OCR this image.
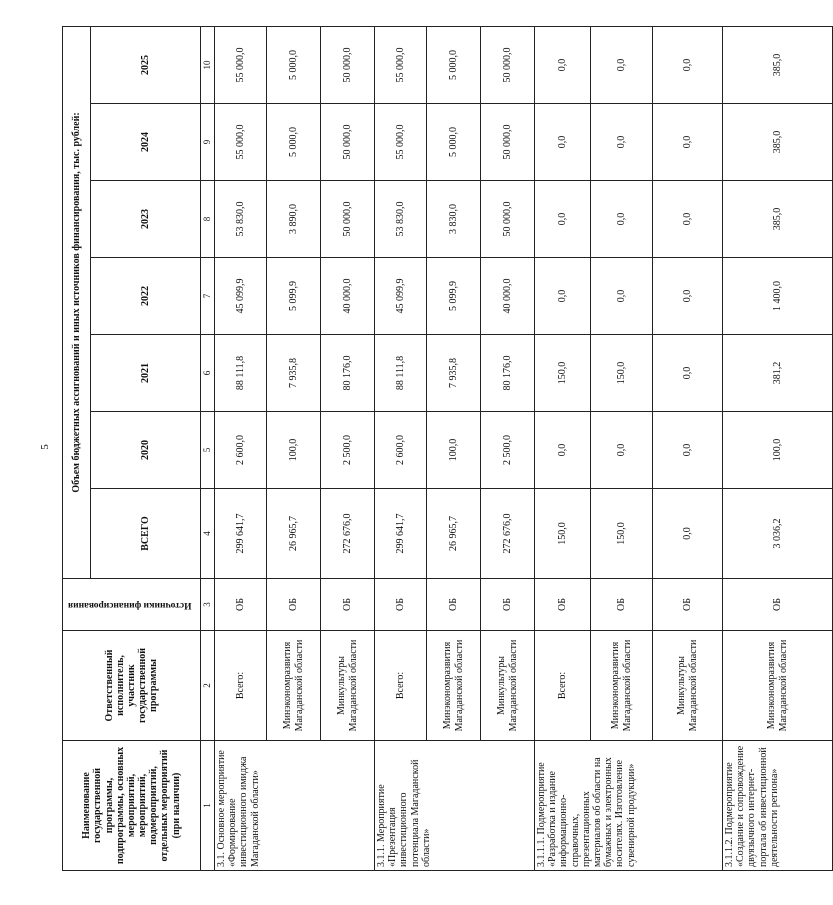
5
Наименование государственной программы, подпрограммы, основных мероприятий, мероприятий, подмероприятий, отдельных мероприятий (при наличии)	Ответственный исполнитель, участник государственной программы	Источники финансирования	Объем бюджетных ассигнований и иных источников финансирования, тыс. рублей:						
			ВСЕГО	2020	2021	2022	2023	2024	2025
1	2	3	4	5	6	7	8	9	10
3.1. Основное мероприятие «Формирование инвестиционного имиджа Магаданской области»	Всего:	ОБ	299 641,7	2 600,0	88 111,8	45 099,9	53 830,0	55 000,0	55 000,0
	Минэкономразвития Магаданской области	ОБ	26 965,7	100,0	7 935,8	5 099,9	3 890,0	5 000,0	5 000,0
	Минкультуры Магаданской области	ОБ	272 676,0	2 500,0	80 176,0	40 000,0	50 000,0	50 000,0	50 000,0
3.1.1. Мероприятие «Презентация инвестиционного потенциала Магаданской области»	Всего:	ОБ	299 641,7	2 600,0	88 111,8	45 099,9	53 830,0	55 000,0	55 000,0
	Минэкономразвития Магаданской области	ОБ	26 965,7	100,0	7 935,8	5 099,9	3 830,0	5 000,0	5 000,0
	Минкультуры Магаданской области	ОБ	272 676,0	2 500,0	80 176,0	40 000,0	50 000,0	50 000,0	50 000,0
3.1.1.1. Подмероприятие «Разработка и издание информационно-справочных, презентационных материалов об области на бумажных и электронных носителях. Изготовление сувенирной продукции»	Всего:	ОБ	150,0	0,0	150,0	0,0	0,0	0,0	0,0
	Минэкономразвития Магаданской области	ОБ	150,0	0,0	150,0	0,0	0,0	0,0	0,0
	Минкультуры Магаданской области	ОБ	0,0	0,0	0,0	0,0	0,0	0,0	0,0
3.1.1.2. Подмероприятие «Создание и сопровождение двуязычного интернет-портала об инвестиционной деятельности региона»	Минэкономразвития Магаданской области	ОБ	3 036,2	100,0	381,2	1 400,0	385,0	385,0	385,0
